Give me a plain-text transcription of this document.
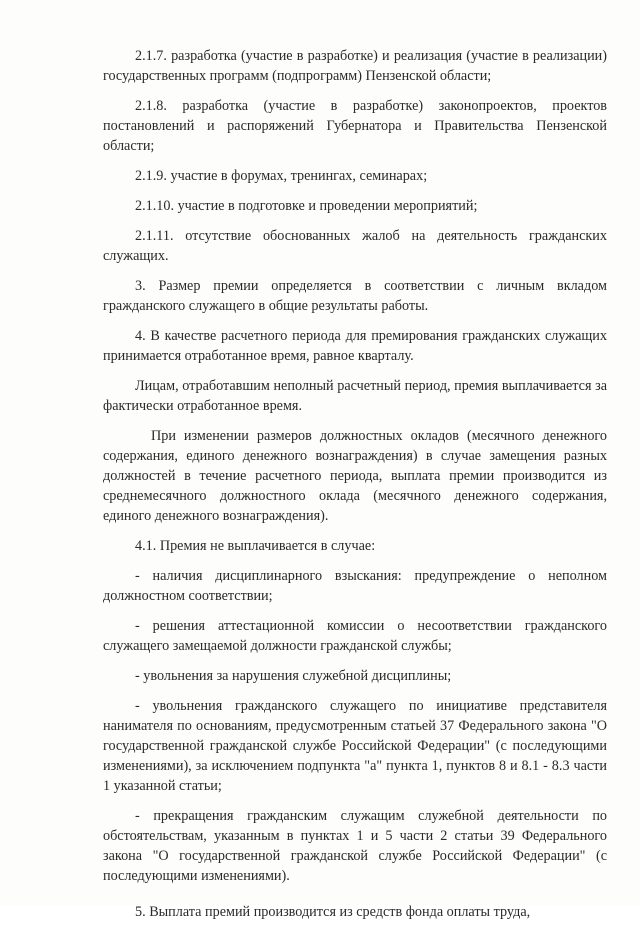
2.1.7. разработка (участие в разработке) и реализация (участие в реализации) государственных программ (подпрограмм) Пензенской области;

2.1.8. разработка (участие в разработке) законопроектов, проектов постановлений и распоряжений Губернатора и Правительства Пензенской области;

2.1.9. участие в форумах, тренингах, семинарах;

2.1.10. участие в подготовке и проведении мероприятий;

2.1.11. отсутствие обоснованных жалоб на деятельность гражданских служащих.

3. Размер премии определяется в соответствии с личным вкладом гражданского служащего в общие результаты работы.

4. В качестве расчетного периода для премирования гражданских служащих принимается отработанное время, равное кварталу.

Лицам, отработавшим неполный расчетный период, премия выплачивается за фактически отработанное время.

При изменении размеров должностных окладов (месячного денежного содержания, единого денежного вознаграждения) в случае замещения разных должностей в течение расчетного периода, выплата премии производится из среднемесячного должностного оклада (месячного денежного содержания, единого денежного вознаграждения).

4.1. Премия не выплачивается в случае:

- наличия дисциплинарного взыскания: предупреждение о неполном должностном соответствии;

- решения аттестационной комиссии о несоответствии гражданского служащего замещаемой должности гражданской службы;

- увольнения за нарушения служебной дисциплины;

- увольнения гражданского служащего по инициативе представителя нанимателя по основаниям, предусмотренным статьей 37 Федерального закона "О государственной гражданской службе Российской Федерации" (с последующими изменениями), за исключением подпункта "а" пункта 1, пунктов 8 и 8.1 - 8.3 части 1 указанной статьи;

- прекращения гражданским служащим служебной деятельности по обстоятельствам, указанным в пунктах 1 и 5 части 2 статьи 39 Федерального закона "О государственной гражданской службе Российской Федерации" (с последующими изменениями).

5. Выплата премий производится из средств фонда оплаты труда,
